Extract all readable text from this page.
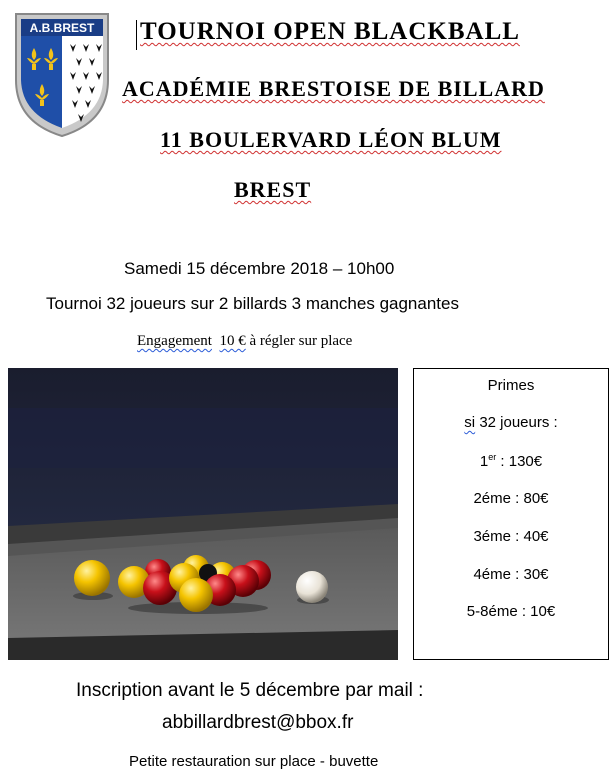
A.B.BREST TOURNOI OPEN BLACKBALL
ACADÉMIE BRESTOISE DE BILLARD
11 BOULERVARD LÉON BLUM
BREST
Samedi 15 décembre 2018 – 10h00
Tournoi 32 joueurs sur 2 billards 3 manches gagnantes
Engagement 10 € à régler sur place
Primes
si 32 joueurs :
1er : 130€
2éme : 80€
3éme : 40€
4éme : 30€
5-8éme : 10€
Inscription avant le 5 décembre par mail :
abbillardbrest@bbox.fr
Petite restauration sur place - buvette
